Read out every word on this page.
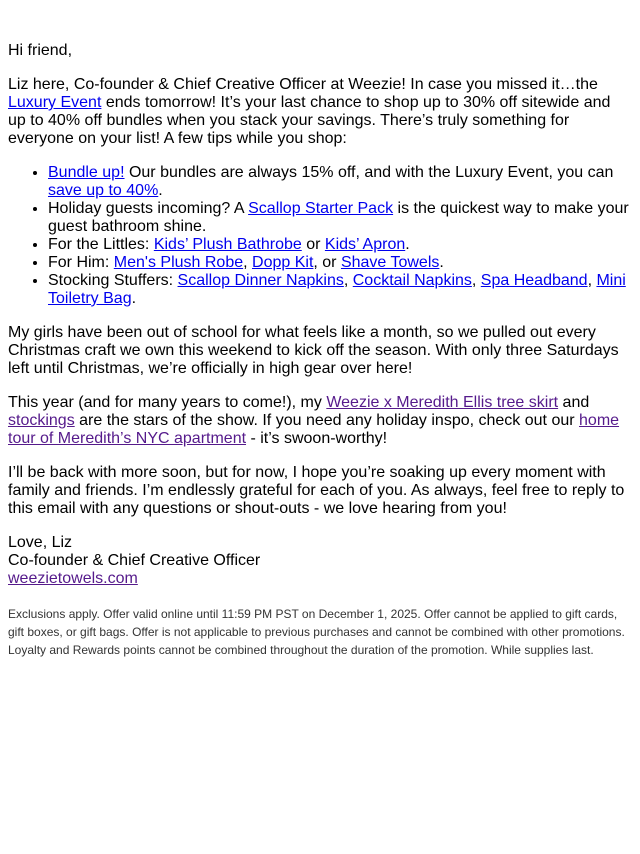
Hi friend,

Liz here, Co-founder & Chief Creative Officer at Weezie! In case you missed it…the Luxury Event ends tomorrow! It’s your last chance to shop up to 30% off sitewide and up to 40% off bundles when you stack your savings. There’s truly something for everyone on your list! A few tips while you shop:

• Bundle up! Our bundles are always 15% off, and with the Luxury Event, you can save up to 40%.
• Holiday guests incoming? A Scallop Starter Pack is the quickest way to make your guest bathroom shine.
• For the Littles: Kids’ Plush Bathrobe or Kids’ Apron.
• For Him: Men's Plush Robe, Dopp Kit, or Shave Towels.
• Stocking Stuffers: Scallop Dinner Napkins, Cocktail Napkins, Spa Headband, Mini Toiletry Bag.

My girls have been out of school for what feels like a month, so we pulled out every Christmas craft we own this weekend to kick off the season. With only three Saturdays left until Christmas, we’re officially in high gear over here!

This year (and for many years to come!), my Weezie x Meredith Ellis tree skirt and stockings are the stars of the show. If you need any holiday inspo, check out our home tour of Meredith’s NYC apartment - it’s swoon-worthy!

I’ll be back with more soon, but for now, I hope you’re soaking up every moment with family and friends. I’m endlessly grateful for each of you. As always, feel free to reply to this email with any questions or shout-outs - we love hearing from you!

Love, Liz
Co-founder & Chief Creative Officer
weezietowels.com

Exclusions apply. Offer valid online until 11:59 PM PST on December 1, 2025. Offer cannot be applied to gift cards, gift boxes, or gift bags. Offer is not applicable to previous purchases and cannot be combined with other promotions. Loyalty and Rewards points cannot be combined throughout the duration of the promotion. While supplies last.
